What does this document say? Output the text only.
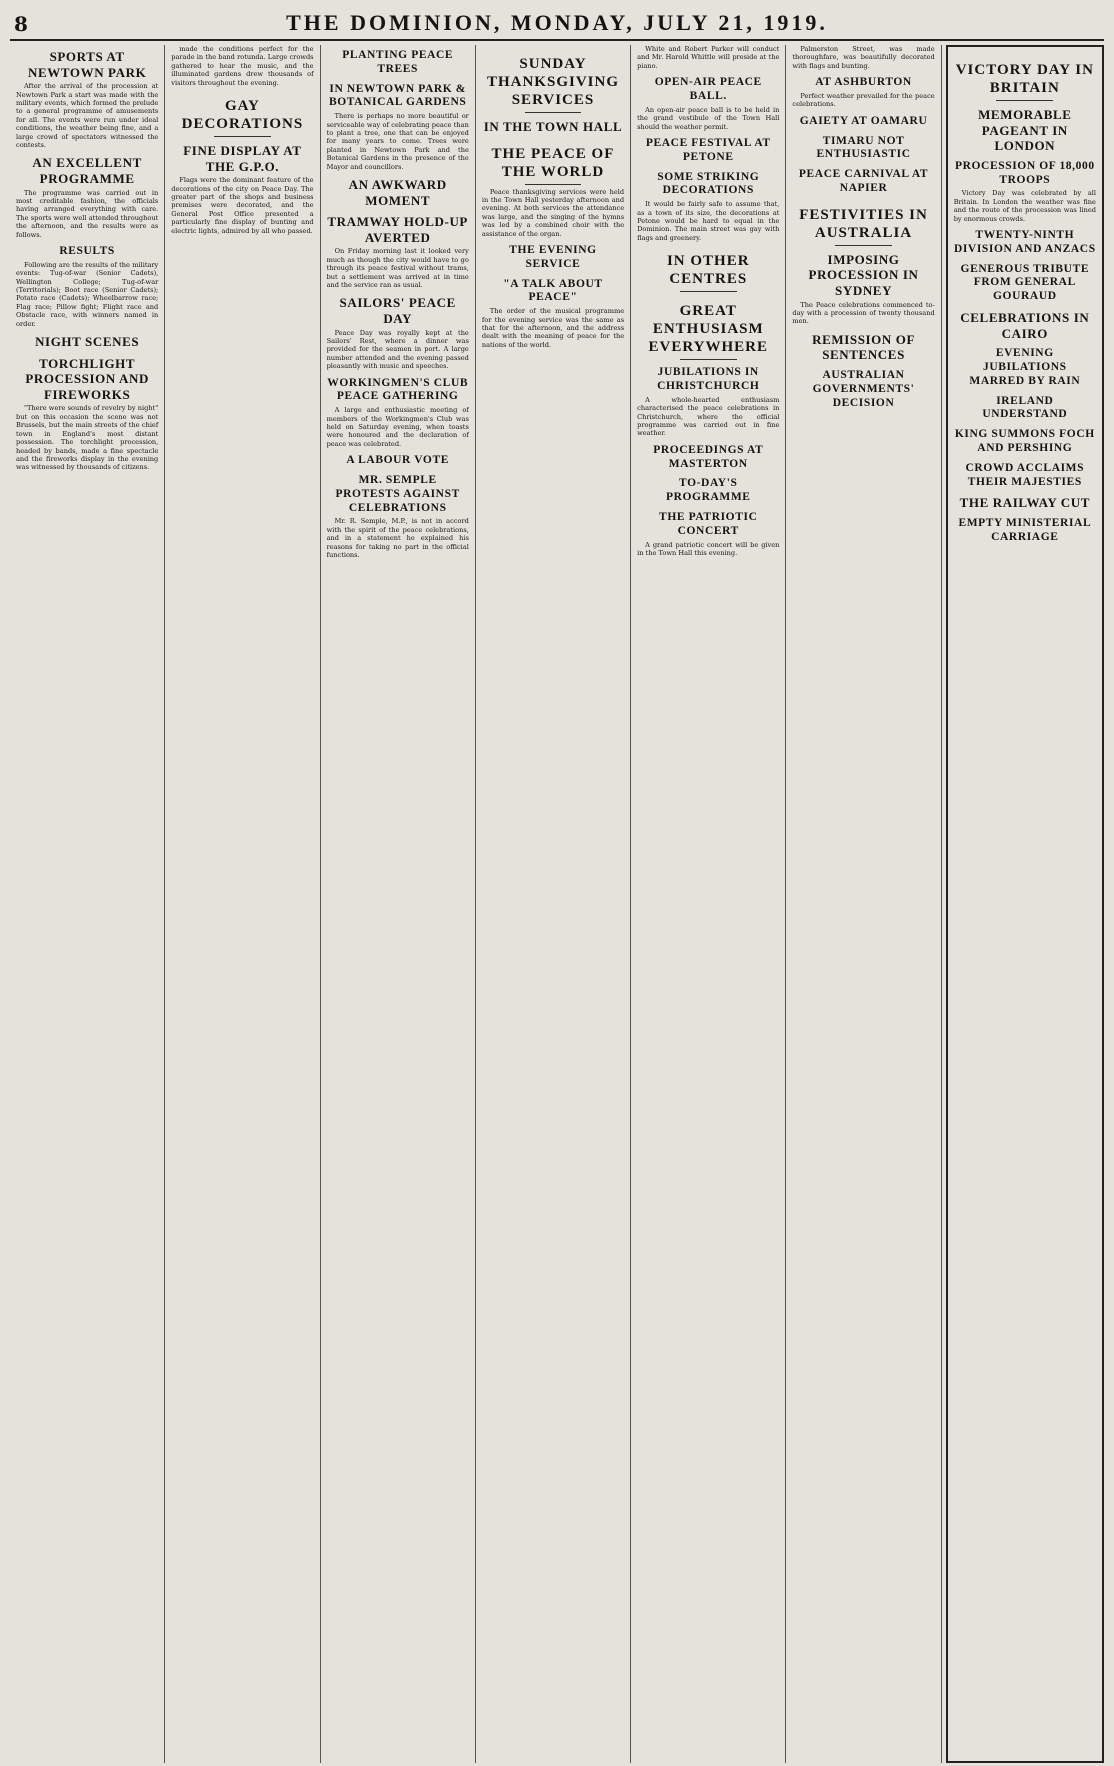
8	THE DOMINION, MONDAY, JULY 21, 1919.
SPORTS AT NEWTOWN PARK

After the arrival of the procession at Newtown Park a start was made with the military events, which formed the prelude to a general programme of amusements for all. The events were run under ideal conditions, the weather being fine, and a large crowd of spectators witnessed the contests.

AN EXCELLENT PROGRAMME

The programme was carried out in most creditable fashion, the officials having arranged everything with care. The sports were well attended throughout the afternoon, and the results were as follows.

RESULTS

Following are the results of the military events: Tug-of-war (Senior Cadets), Wellington College; Tug-of-war (Territorials); Boot race (Senior Cadets); Potato race (Cadets); Wheelbarrow race; Flag race; Pillow fight; Flight race and Obstacle race, with winners named in order.

NIGHT SCENES
TORCHLIGHT PROCESSION AND FIREWORKS

"There were sounds of revelry by night" but on this occasion the scene was not Brussels, but the main streets of the chief town in England's most distant possession. The torchlight procession, headed by bands, made a fine spectacle and the fireworks display in the evening was witnessed by thousands of citizens.

made the conditions perfect for the parade in the band rotunda. Large crowds gathered to hear the music, and the illuminated gardens drew thousands of visitors throughout the evening.

GAY DECORATIONS
FINE DISPLAY AT THE G.P.O.

Flags were the dominant feature of the decorations of the city on Peace Day. The greater part of the shops and business premises were decorated, and the General Post Office presented a particularly fine display of bunting and electric lights, admired by all who passed.

PLANTING PEACE TREES
IN NEWTOWN PARK & BOTANICAL GARDENS

There is perhaps no more beautiful or serviceable way of celebrating peace than to plant a tree, one that can be enjoyed for many years to come. Trees were planted in Newtown Park and the Botanical Gardens in the presence of the Mayor and councillors.

AN AWKWARD MOMENT
TRAMWAY HOLD-UP AVERTED

On Friday morning last it looked very much as though the city would have to go through its peace festival without trams, but a settlement was arrived at in time and the service ran as usual.

SAILORS' PEACE DAY

Peace Day was royally kept at the Sailors' Rest, where a dinner was provided for the seamen in port. A large number attended and the evening passed pleasantly with music and speeches.

WORKINGMEN'S CLUB PEACE GATHERING

A large and enthusiastic meeting of members of the Workingmen's Club was held on Saturday evening, when toasts were honoured and the declaration of peace was celebrated.

A LABOUR VOTE
MR. SEMPLE PROTESTS AGAINST CELEBRATIONS

Mr. R. Semple, M.P., is not in accord with the spirit of the peace celebrations, and in a statement he explained his reasons for taking no part in the official functions.

SUNDAY THANKSGIVING SERVICES
IN THE TOWN HALL
THE PEACE OF THE WORLD

Peace thanksgiving services were held in the Town Hall yesterday afternoon and evening. At both services the attendance was large, and the singing of the hymns was led by a combined choir with the assistance of the organ.

THE EVENING SERVICE
"A TALK ABOUT PEACE"

The order of the musical programme for the evening service was the same as that for the afternoon, and the address dealt with the meaning of peace for the nations of the world.

White and Robert Parker will conduct and Mr. Harold Whittle will preside at the piano.

OPEN-AIR PEACE BALL.

An open-air peace ball is to be held in the grand vestibule of the Town Hall should the weather permit.

PEACE FESTIVAL AT PETONE
SOME STRIKING DECORATIONS

It would be fairly safe to assume that, as a town of its size, the decorations at Petone would be hard to equal in the Dominion. The main street was gay with flags and greenery.

IN OTHER CENTRES
GREAT ENTHUSIASM EVERYWHERE
JUBILATIONS IN CHRISTCHURCH

A whole-hearted enthusiasm characterised the peace celebrations in Christchurch, where the official programme was carried out in fine weather.

PROCEEDINGS AT MASTERTON
TO-DAY'S PROGRAMME
THE PATRIOTIC CONCERT

A grand patriotic concert will be given in the Town Hall this evening.

Palmerston Street, was made thoroughfare, was beautifully decorated with flags and bunting.

AT ASHBURTON

Perfect weather prevailed for the peace celebrations.

GAIETY AT OAMARU
TIMARU NOT ENTHUSIASTIC
PEACE CARNIVAL AT NAPIER
FESTIVITIES IN AUSTRALIA
IMPOSING PROCESSION IN SYDNEY

The Peace celebrations commenced to-day with a procession of twenty thousand men.

REMISSION OF SENTENCES
AUSTRALIAN GOVERNMENTS' DECISION
VICTORY DAY IN BRITAIN
MEMORABLE PAGEANT IN LONDON
PROCESSION OF 18,000 TROOPS

Victory Day was celebrated by all Britain. In London the weather was fine and the route of the procession was lined by enormous crowds.

TWENTY-NINTH DIVISION AND ANZACS
GENEROUS TRIBUTE FROM GENERAL GOURAUD
CELEBRATIONS IN CAIRO
EVENING JUBILATIONS MARRED BY RAIN
IRELAND UNDERSTAND
KING SUMMONS FOCH AND PERSHING
CROWD ACCLAIMS THEIR MAJESTIES
THE RAILWAY CUT
EMPTY MINISTERIAL CARRIAGE
